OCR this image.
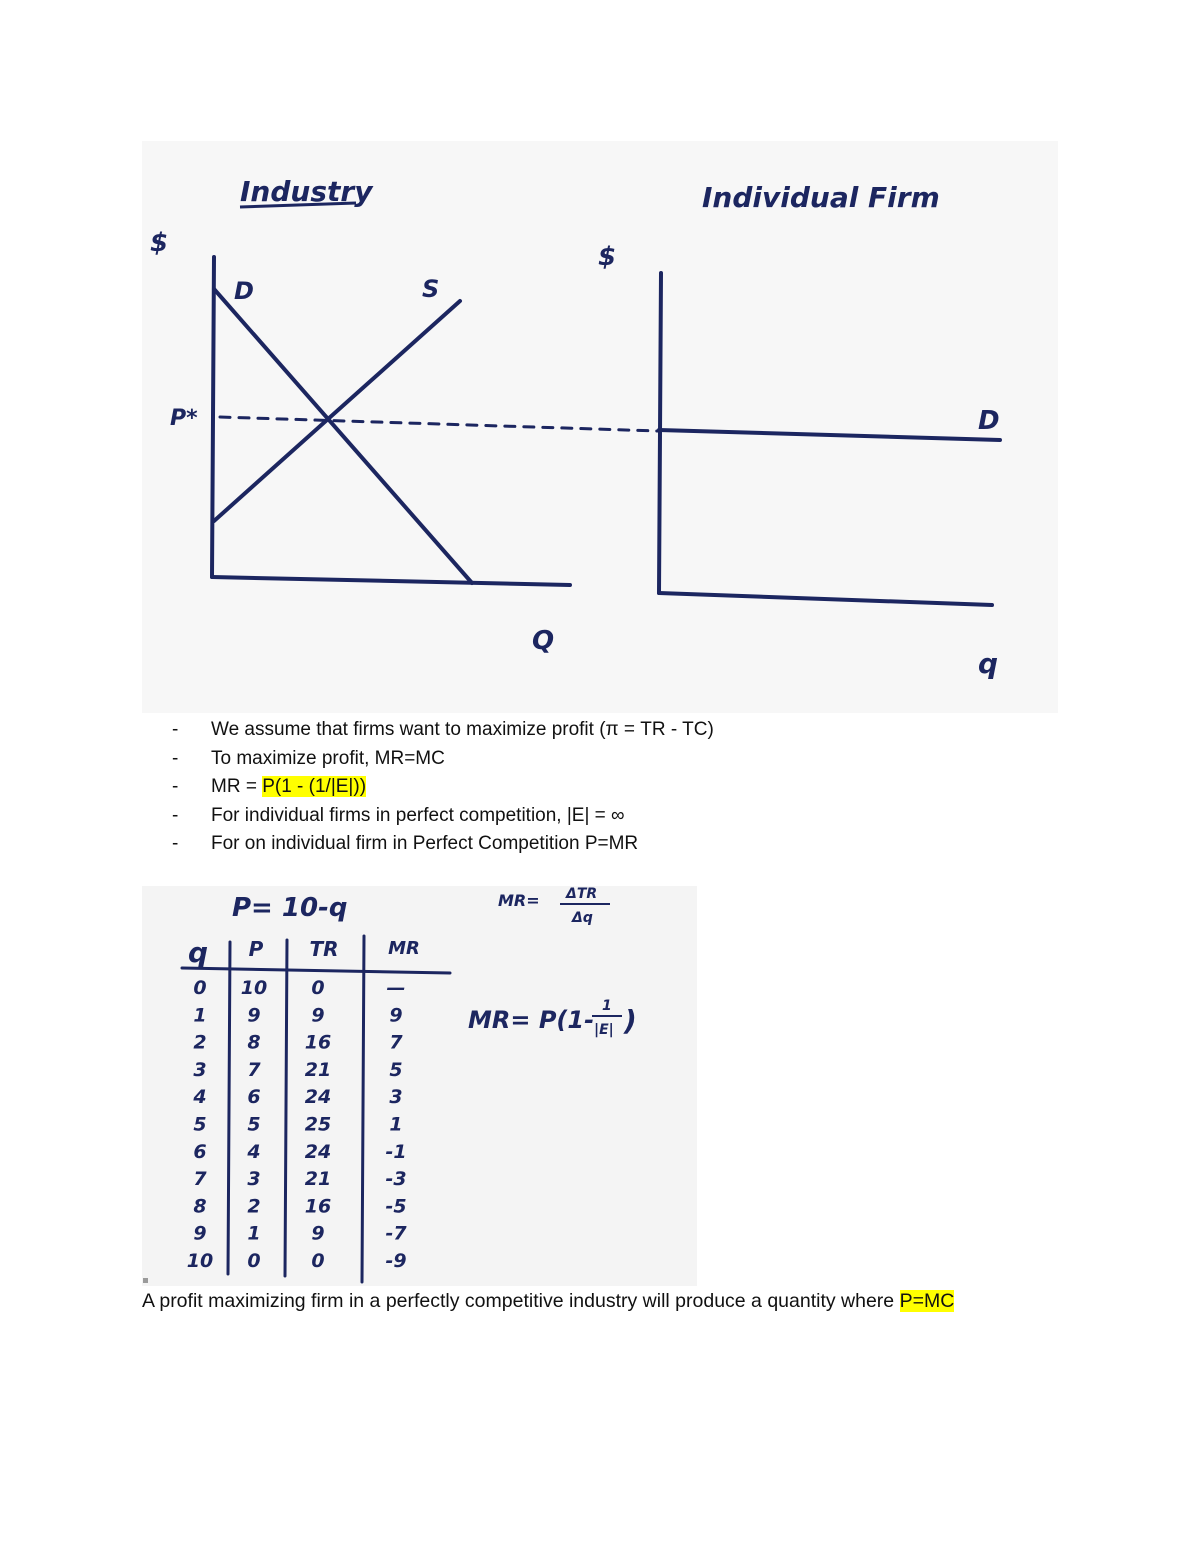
Industry	Individual Firm
$	$
D	S
P*	D
Q
q
- We assume that firms want to maximize profit (π = TR - TC)
- To maximize profit, MR=MC
- MR = P(1 - (1/|E|))
- For individual firms in perfect competition, |E| = ∞
- For on individual firm in Perfect Competition P=MR
P= 10-q	MR= ΔTR
Δq
MR= P(1- 1
|E| )
q P TR	MR
0 10 0	—
1 9	9	9
2 8 16	7
3 7 21	5
4 6 24	3
5 5 25	1
6 4 24	-1
7 3 21	-3
8 2 16	-5
9 1	9	-7
10 0	0	-9
A profit maximizing firm in a perfectly competitive industry will produce a quantity where P=MC
